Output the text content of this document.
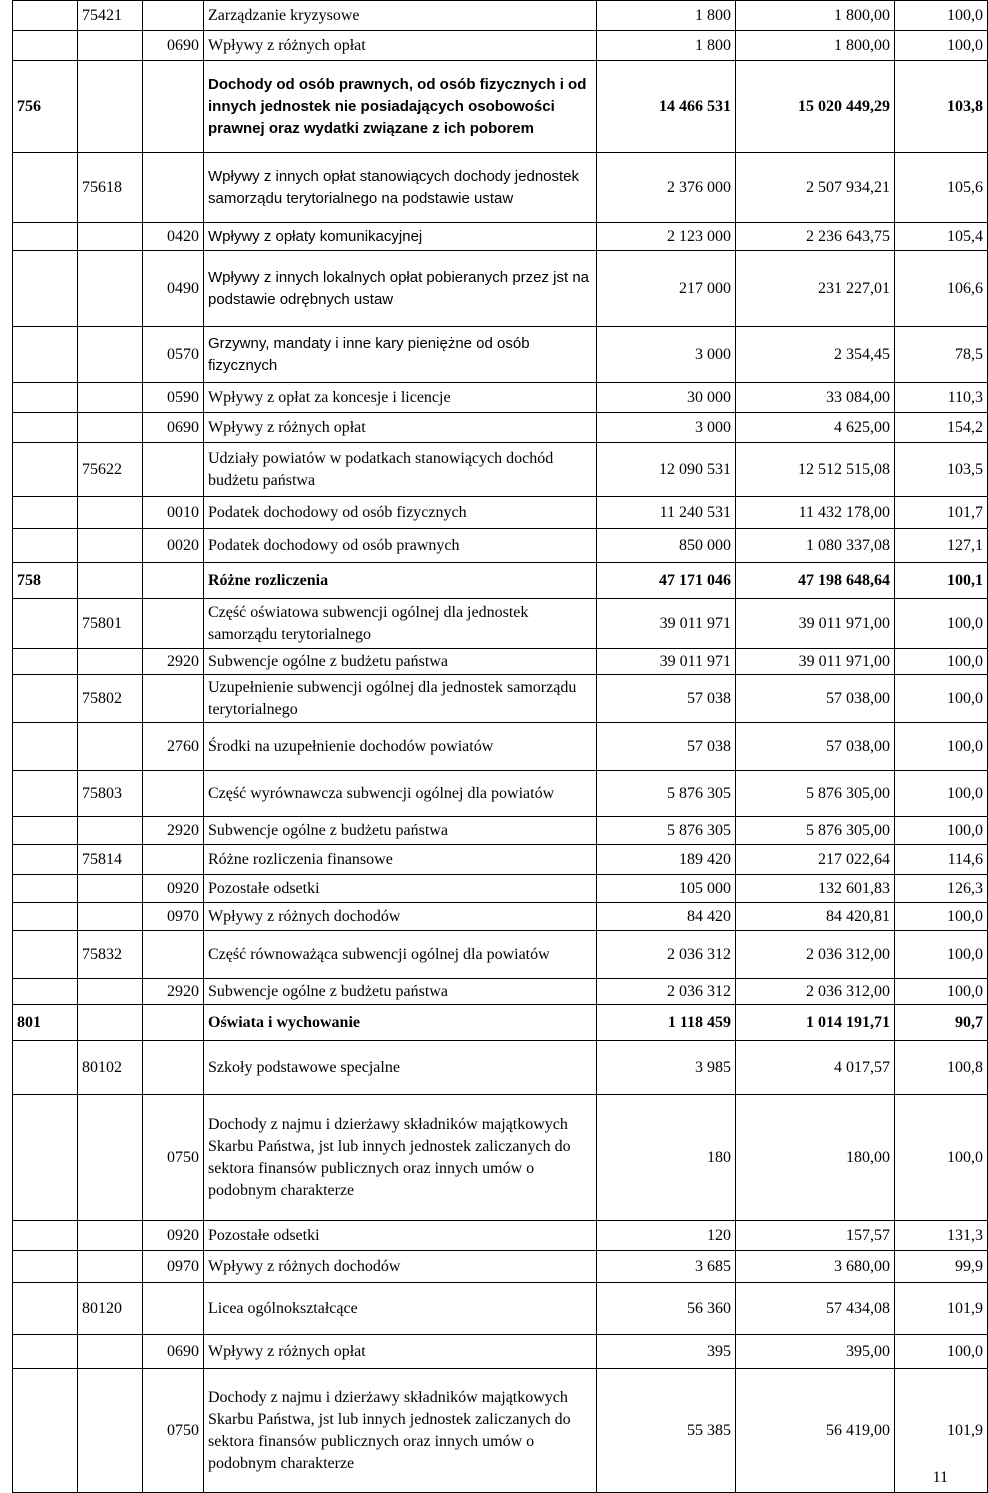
	75421		Zarządzanie kryzysowe	1 800	1 800,00	100,0
		0690	Wpływy z różnych opłat	1 800	1 800,00	100,0
756			Dochody od osób prawnych, od osób fizycznych i od innych jednostek nie posiadających osobowości prawnej oraz wydatki związane z ich poborem	14 466 531	15 020 449,29	103,8
	75618		Wpływy z innych opłat stanowiących dochody jednostek samorządu terytorialnego na podstawie ustaw	2 376 000	2 507 934,21	105,6
		0420	Wpływy z opłaty komunikacyjnej	2 123 000	2 236 643,75	105,4
		0490	Wpływy z innych lokalnych opłat pobieranych przez jst na podstawie odrębnych ustaw	217 000	231 227,01	106,6
		0570	Grzywny, mandaty i inne kary pieniężne od osób fizycznych	3 000	2 354,45	78,5
		0590	Wpływy z opłat za koncesje i licencje	30 000	33 084,00	110,3
		0690	Wpływy z różnych opłat	3 000	4 625,00	154,2
	75622		Udziały powiatów w podatkach stanowiących dochód budżetu państwa	12 090 531	12 512 515,08	103,5
		0010	Podatek dochodowy od osób fizycznych	11 240 531	11 432 178,00	101,7
		0020	Podatek dochodowy od osób prawnych	850 000	1 080 337,08	127,1
758			Różne rozliczenia	47 171 046	47 198 648,64	100,1
	75801		Część oświatowa subwencji ogólnej dla jednostek samorządu terytorialnego	39 011 971	39 011 971,00	100,0
		2920	Subwencje ogólne z budżetu państwa	39 011 971	39 011 971,00	100,0
	75802		Uzupełnienie subwencji ogólnej dla jednostek samorządu terytorialnego	57 038	57 038,00	100,0
		2760	Środki na uzupełnienie dochodów powiatów	57 038	57 038,00	100,0
	75803		Część wyrównawcza subwencji ogólnej dla powiatów	5 876 305	5 876 305,00	100,0
		2920	Subwencje ogólne z budżetu państwa	5 876 305	5 876 305,00	100,0
	75814		Różne rozliczenia finansowe	189 420	217 022,64	114,6
		0920	Pozostałe odsetki	105 000	132 601,83	126,3
		0970	Wpływy z różnych dochodów	84 420	84 420,81	100,0
	75832		Część równoważąca subwencji ogólnej dla powiatów	2 036 312	2 036 312,00	100,0
		2920	Subwencje ogólne z budżetu państwa	2 036 312	2 036 312,00	100,0
801			Oświata i wychowanie	1 118 459	1 014 191,71	90,7
	80102		Szkoły podstawowe specjalne	3 985	4 017,57	100,8
		0750	Dochody z najmu i dzierżawy składników majątkowych Skarbu Państwa, jst lub innych jednostek zaliczanych do sektora finansów publicznych oraz innych umów o podobnym charakterze	180	180,00	100,0
		0920	Pozostałe odsetki	120	157,57	131,3
		0970	Wpływy z różnych dochodów	3 685	3 680,00	99,9
	80120		Licea ogólnokształcące	56 360	57 434,08	101,9
		0690	Wpływy z różnych opłat	395	395,00	100,0
		0750	Dochody z najmu i dzierżawy składników majątkowych Skarbu Państwa, jst lub innych jednostek zaliczanych do sektora finansów publicznych oraz innych umów o podobnym charakterze	55 385	56 419,00	101,9
11
